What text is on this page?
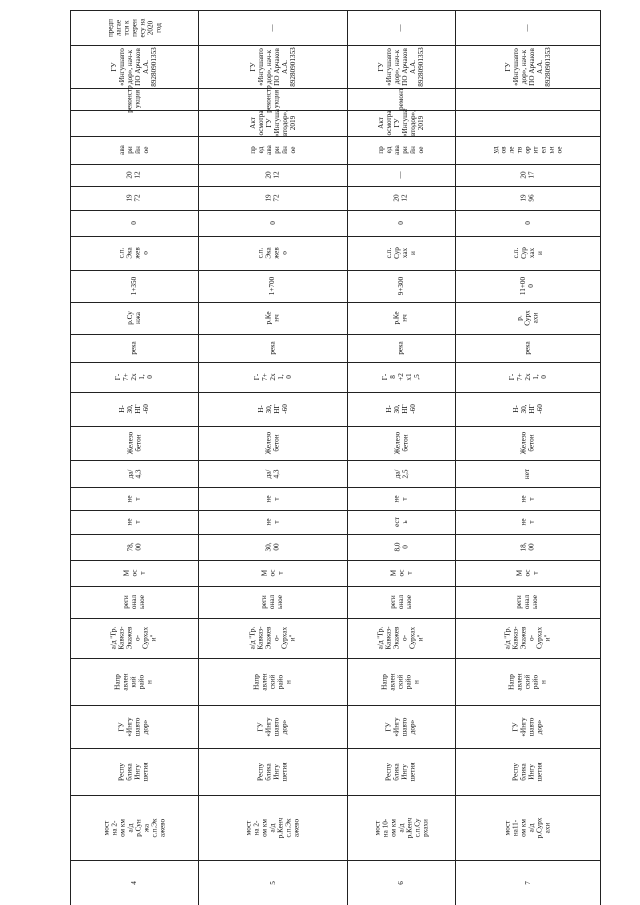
4
мост
на 2-
ом км
а/д
р.Сун
жа
с.п.Эк
ажево
Респу
блика
Ингу
шетия
ГУ
«Ингу
шавто
дор»
Напр
авлен
кий
райо
н
а/д "Гр.
Кавказ-
Экажев
о-
Сурхах
и"
реги
онал
ьное
М
ос
т
78,
00
не
т
не
т
да/
4,3
Железо
бетон
Н-
30,
НГ
-60
Г-
7+
2х
1,
0
река
р.Су
нжа
1+350
с.п.
Эка
жев
о
0
19
72
20
12
ава
ри
йн
ое
реконстр
укция
ГУ
«Ингушавто
дор», нач-к
ПО Арчаков
А.А.
89280901353
предп
лагае
тся к
перен
есу на
2020
год
5
мост
на 2-
ом км
а/д
р.Кенч
с.п.Эк
ажево
Респу
блика
Ингу
шетия
ГУ
«Ингу
шавто
дор»
Напр
авлен
ский
райо
н
а/д "Гр.
Кавказ-
Экажев
о-
Сурхах
и"
реги
онал
ьное
М
ос
т
30,
00
не
т
не
т
да/
4,3
Железо
бетон
Н-
30,
НГ
-60
Г-
7+
2х
1,
0
река
р.Ке
нч
1+700
с.п.
Эка
жев
о
0
19
72
20
12
пр
ед
ава
ри
йн
ое
Акт
осмотра
ГУ
«Ингуша
втодор»,
2019
реконстр
укция
ГУ
«Ингушавто
дор», нач-к
ПО Арчаков
А.А.
89280901353
—
6
мост
на 10-
ом км
а/д
р.Кенч
с.п.Су
рхахи
Респу
блика
Ингу
шетия
ГУ
«Ингу
шавто
дор»
Напр
авлен
ский
райо
н
а/д "Гр.
Кавказ-
Экажев
о-
Сурхах
и"
реги
онал
ьное
М
ос
т
8,0
0
ест
ь
не
т
да/
2,5
Железо
бетон
Н-
30,
НГ
-60
Г-
8
+2
х1
,5
река
р.Ке
нч
9+300
с.п.
Сур
хах
и
0
20
12
—
пр
ед
ава
ри
йн
ое
Акт
осмотра
ГУ
«Ингуша
втодор»,
2019
ремонт
ГУ
«Ингушавто
дор», нач-к
ПО Арчаков
А.А.
89280901353
—
7
мост
на11-
ом км
а/д
р.Сурх
ахи
Респу
блика
Ингу
шетия
ГУ
«Ингу
шавто
дор»
Напр
авлен
ский
райо
н
а/д "Гр.
Кавказ-
Экажев
о-
Сурхах
и"
реги
онал
ьное
М
ос
т
18,
00
не
т
не
т
нет
Железо
бетон
Н-
30,
НГ
-60
Г-
7+
2х
1,
0
река
р.
Сурх
ахи
11+00
0
с.п.
Сур
хах
и
0
19
96
20
17
уд
ов
ле
тв
ор
ит
ел
ьн
ое
ГУ
«Ингушавто
дор», нач-к
ПО Арчаков
А.А.
89280901353
—
